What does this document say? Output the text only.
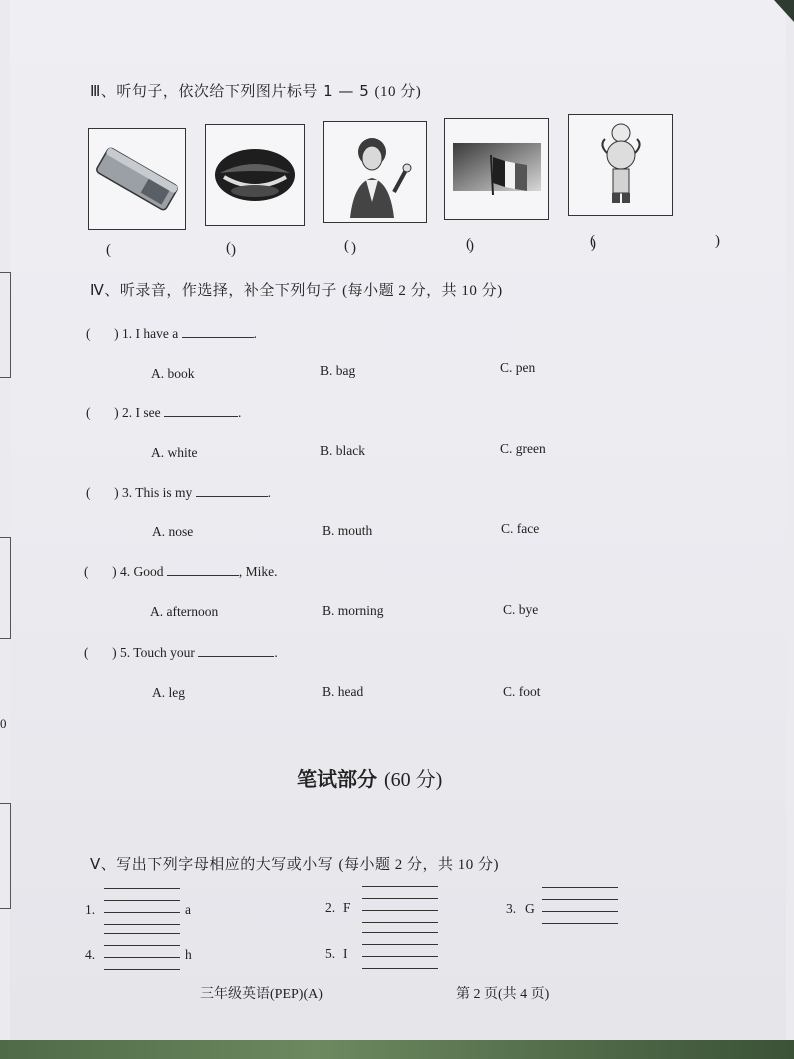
0
Ⅲ、听句子，依次给下列图片标号 1 — 5 (10 分)
(　　)
(　　)
(　　)
(　　)
(　　)
Ⅳ、听录音，作选择，补全下列句子 (每小题 2 分，共 10 分)
(       ) 1. I have a	.
A. book	B. bag	C. pen
(       ) 2. I see	.
A. white	B. black	C. green
(       ) 3. This is my	.
A. nose	B. mouth	C. face
(       ) 4. Good	, Mike.
A. afternoon	B. morning	C. bye
(       ) 5. Touch your	.
A. leg	B. head	C. foot
笔试部分 (60 分)
Ⅴ、写出下列字母相应的大写或小写 (每小题 2 分，共 10 分)
1.	a	2. F	3. G
4.	h	5. I
三年级英语(PEP)(A)	第 2 页(共 4 页)
